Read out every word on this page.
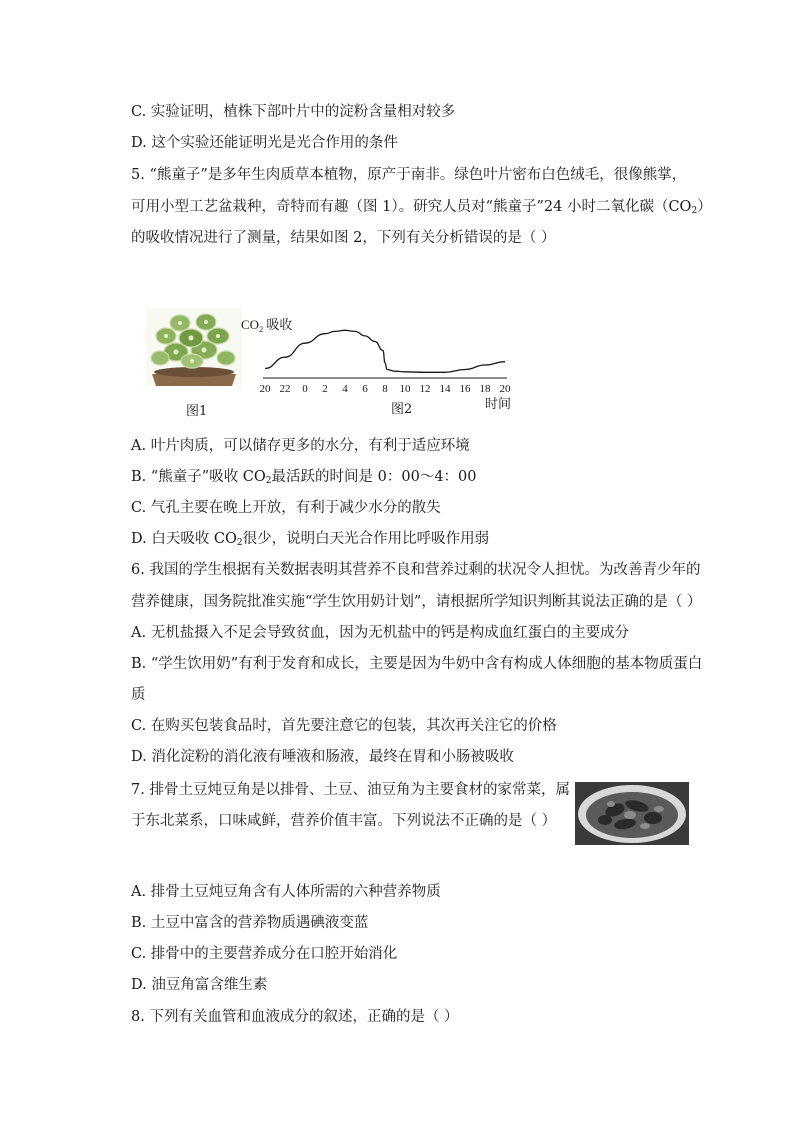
C. 实验证明，植株下部叶片中的淀粉含量相对较多
D. 这个实验还能证明光是光合作用的条件
5. “熊童子”是多年生肉质草本植物，原产于南非。绿色叶片密布白色绒毛，很像熊掌，
可用小型工艺盆栽种，奇特而有趣（图 1）。研究人员对“熊童子”24 小时二氧化碳$(CO_2)$
的吸收情况进行了测量，结果如图 2，下列有关分析错误的是（ ）
图1
$CO_2$ 吸收
20 22 0 2 4 6 8 10 12 14 16 18 20
时间
图2
A. 叶片肉质，可以储存更多的水分，有利于适应环境
B. “熊童子”吸收 $CO_2$最活跃的时间是 0：00～4：00
C. 气孔主要在晚上开放，有利于减少水分的散失
D. 白天吸收 $CO_2$很少，说明白天光合作用比呼吸作用弱
6. 我国的学生根据有关数据表明其营养不良和营养过剩的状况令人担忧。为改善青少年的
营养健康，国务院批准实施“学生饮用奶计划”，请根据所学知识判断其说法正确的是（ ）
A. 无机盐摄入不足会导致贫血，因为无机盐中的钙是构成血红蛋白的主要成分
B. “学生饮用奶”有利于发育和成长，主要是因为牛奶中含有构成人体细胞的基本物质蛋白
质
C. 在购买包装食品时，首先要注意它的包装，其次再关注它的价格
D. 消化淀粉的消化液有唾液和肠液，最终在胃和小肠被吸收
7. 排骨土豆炖豆角是以排骨、土豆、油豆角为主要食材的家常菜，属
于东北菜系，口味咸鲜，营养价值丰富。下列说法不正确的是（ ）
A. 排骨土豆炖豆角含有人体所需的六种营养物质
B. 土豆中富含的营养物质遇碘液变蓝
C. 排骨中的主要营养成分在口腔开始消化
D. 油豆角富含维生素
8. 下列有关血管和血液成分的叙述，正确的是（ ）
